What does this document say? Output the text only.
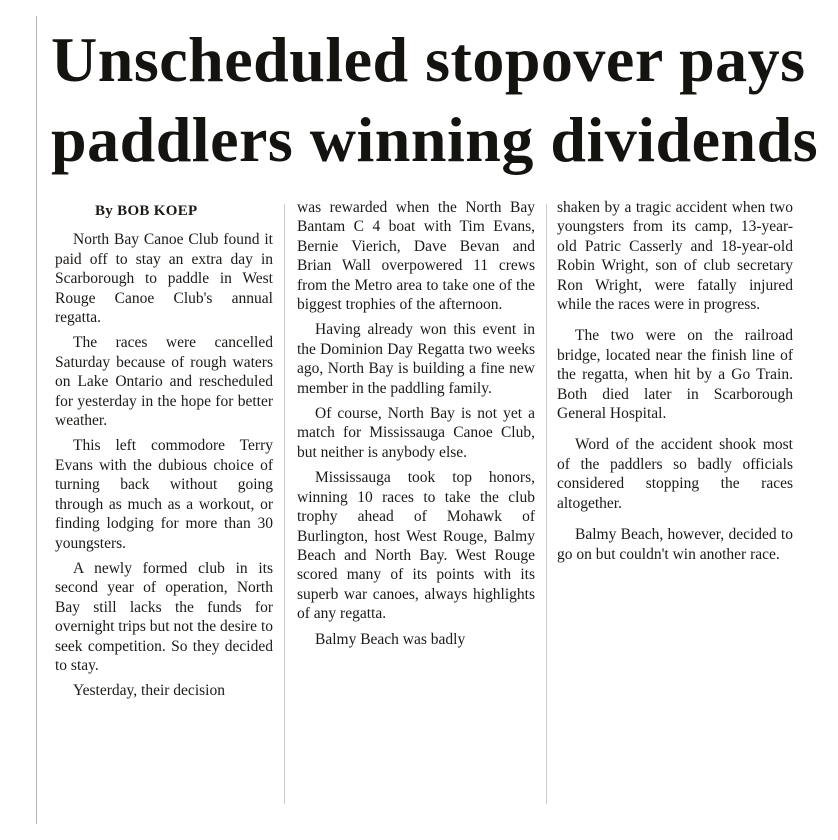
Unscheduled stopover pays
paddlers winning dividends

By BOB KOEP

North Bay Canoe Club found it paid off to stay an extra day in Scarborough to paddle in West Rouge Canoe Club's annual regatta.

The races were cancelled Saturday because of rough waters on Lake Ontario and rescheduled for yesterday in the hope for better weather.

This left commodore Terry Evans with the dubious choice of turning back without going through as much as a workout, or finding lodging for more than 30 youngsters.

A newly formed club in its second year of operation, North Bay still lacks the funds for overnight trips but not the desire to seek competition. So they decided to stay.

Yesterday, their decision

was rewarded when the North Bay Bantam C 4 boat with Tim Evans, Bernie Vierich, Dave Bevan and Brian Wall overpowered 11 crews from the Metro area to take one of the biggest trophies of the afternoon.

Having already won this event in the Dominion Day Regatta two weeks ago, North Bay is building a fine new member in the paddling family.

Of course, North Bay is not yet a match for Mississauga Canoe Club, but neither is anybody else.

Mississauga took top honors, winning 10 races to take the club trophy ahead of Mohawk of Burlington, host West Rouge, Balmy Beach and North Bay. West Rouge scored many of its points with its superb war canoes, always highlights of any regatta.

Balmy Beach was badly

shaken by a tragic accident when two youngsters from its camp, 13-year-old Patric Casserly and 18-year-old Robin Wright, son of club secretary Ron Wright, were fatally injured while the races were in progress.

The two were on the railroad bridge, located near the finish line of the regatta, when hit by a Go Train. Both died later in Scarborough General Hospital.

Word of the accident shook most of the paddlers so badly officials considered stopping the races altogether.

Balmy Beach, however, decided to go on but couldn't win another race.
